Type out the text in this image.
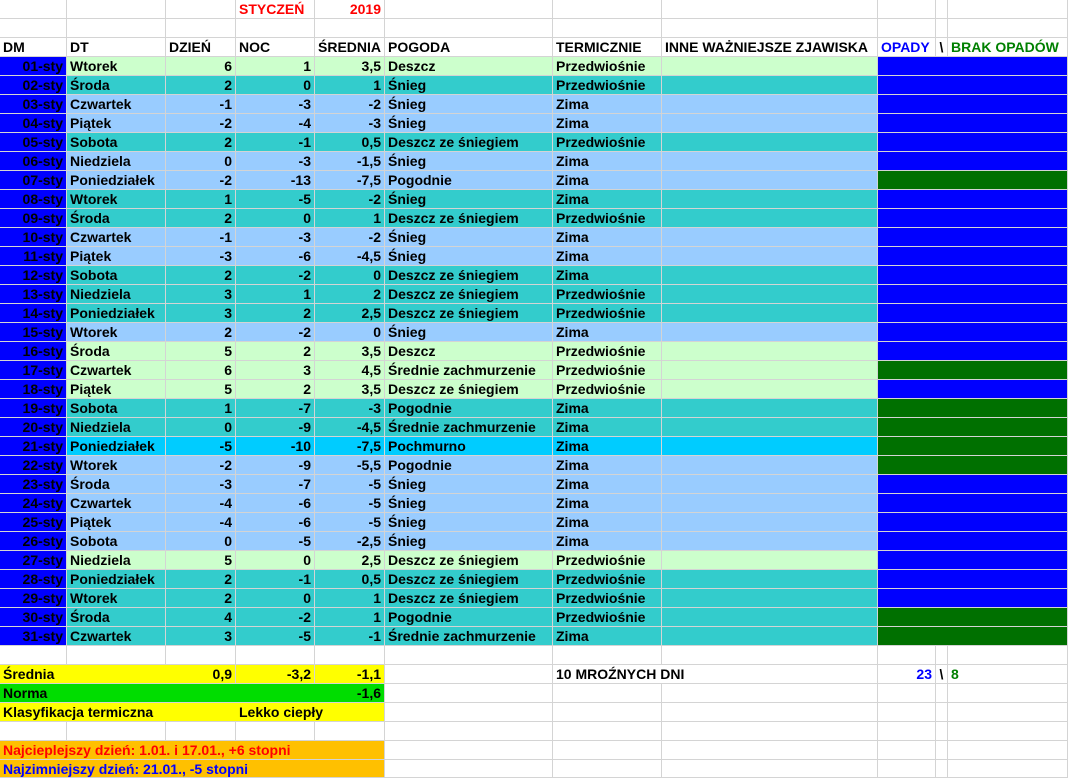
STYCZEŃ	2019
DM	DT	DZIEŃ	NOC	ŚREDNIA POGODA	TERMICZNIE	INNE WAŻNIEJSZE ZJAWISKA OPADY \ BRAK OPADÓW
01-sty Wtorek	6	1	3,5 Deszcz	Przedwiośnie
02-sty Środa	2	0	1 Śnieg	Przedwiośnie
03-sty Czwartek	-1	-3	-2 Śnieg	Zima
04-sty Piątek	-2	-4	-3 Śnieg	Zima
05-sty Sobota	2	-1	0,5 Deszcz ze śniegiem	Przedwiośnie
06-sty Niedziela	0	-3	-1,5 Śnieg	Zima
07-sty Poniedziałek	-2	-13	-7,5 Pogodnie	Zima
08-sty Wtorek	1	-5	-2 Śnieg	Zima
09-sty Środa	2	0	1 Deszcz ze śniegiem	Przedwiośnie
10-sty Czwartek	-1	-3	-2 Śnieg	Zima
11-sty Piątek	-3	-6	-4,5 Śnieg	Zima
12-sty Sobota	2	-2	0 Deszcz ze śniegiem	Zima
13-sty Niedziela	3	1	2 Deszcz ze śniegiem	Przedwiośnie
14-sty Poniedziałek	3	2	2,5 Deszcz ze śniegiem	Przedwiośnie
15-sty Wtorek	2	-2	0 Śnieg	Zima
16-sty Środa	5	2	3,5 Deszcz	Przedwiośnie
17-sty Czwartek	6	3	4,5 Średnie zachmurzenie	Przedwiośnie
18-sty Piątek	5	2	3,5 Deszcz ze śniegiem	Przedwiośnie
19-sty Sobota	1	-7	-3 Pogodnie	Zima
20-sty Niedziela	0	-9	-4,5 Średnie zachmurzenie	Zima
21-sty Poniedziałek	-5	-10	-7,5 Pochmurno	Zima
22-sty Wtorek	-2	-9	-5,5 Pogodnie	Zima
23-sty Środa	-3	-7	-5 Śnieg	Zima
24-sty Czwartek	-4	-6	-5 Śnieg	Zima
25-sty Piątek	-4	-6	-5 Śnieg	Zima
26-sty Sobota	0	-5	-2,5 Śnieg	Zima
27-sty Niedziela	5	0	2,5 Deszcz ze śniegiem	Przedwiośnie
28-sty Poniedziałek	2	-1	0,5 Deszcz ze śniegiem	Przedwiośnie
29-sty Wtorek	2	0	1 Deszcz ze śniegiem	Przedwiośnie
30-sty Środa	4	-2	1 Pogodnie	Przedwiośnie
31-sty Czwartek	3	-5	-1 Średnie zachmurzenie	Zima
Średnia	0,9	-3,2	-1,1	10 MROŹNYCH DNI	23 \ 8
Norma	-1,6
Klasyfikacja termiczna	Lekko ciepły
Najcieplejszy dzień: 1.01. i 17.01., +6 stopni
Najzimniejszy dzień: 21.01., -5 stopni
